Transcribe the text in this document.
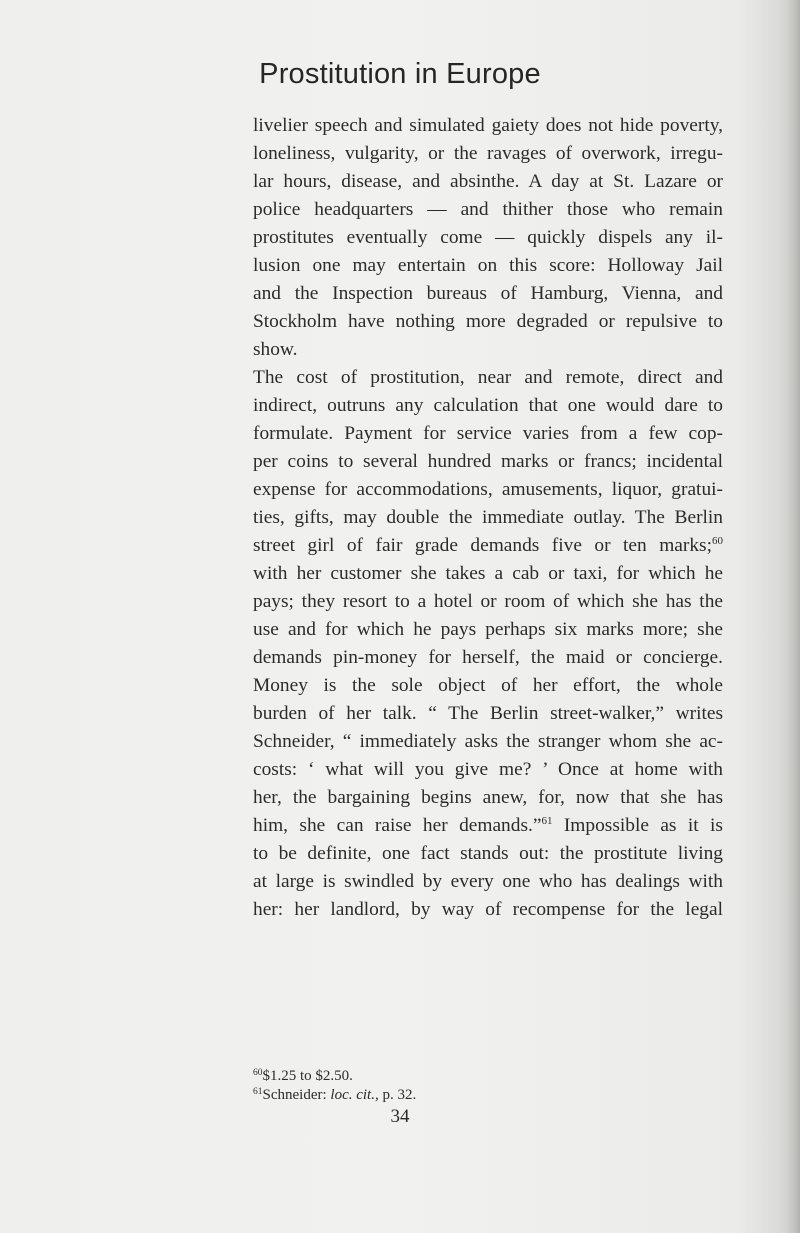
Prostitution in Europe
livelier speech and simulated gaiety does not hide poverty,
loneliness, vulgarity, or the ravages of overwork, irregu-
lar hours, disease, and absinthe. A day at St. Lazare or
police headquarters — and thither those who remain
prostitutes eventually come — quickly dispels any il-
lusion one may entertain on this score: Holloway Jail
and the Inspection bureaus of Hamburg, Vienna, and
Stockholm have nothing more degraded or repulsive to
show.
The cost of prostitution, near and remote, direct and
indirect, outruns any calculation that one would dare to
formulate. Payment for service varies from a few cop-
per coins to several hundred marks or francs; incidental
expense for accommodations, amusements, liquor, gratui-
ties, gifts, may double the immediate outlay. The Berlin
street girl of fair grade demands five or ten marks;$^{60}$
with her customer she takes a cab or taxi, for which he
pays; they resort to a hotel or room of which she has the
use and for which he pays perhaps six marks more; she
demands pin-money for herself, the maid or concierge.
Money is the sole object of her effort, the whole
burden of her talk. “ The Berlin street-walker,” writes
Schneider, “ immediately asks the stranger whom she ac-
costs: ‘ what will you give me? ’ Once at home with
her, the bargaining begins anew, for, now that she has
him, she can raise her demands.”$^{61}$ Impossible as it is
to be definite, one fact stands out: the prostitute living
at large is swindled by every one who has dealings with
her: her landlord, by way of recompense for the legal
$^{60}$\$1.25 to $2.50.
$^{61}$Schneider: loc. cit., p. 32.
34
